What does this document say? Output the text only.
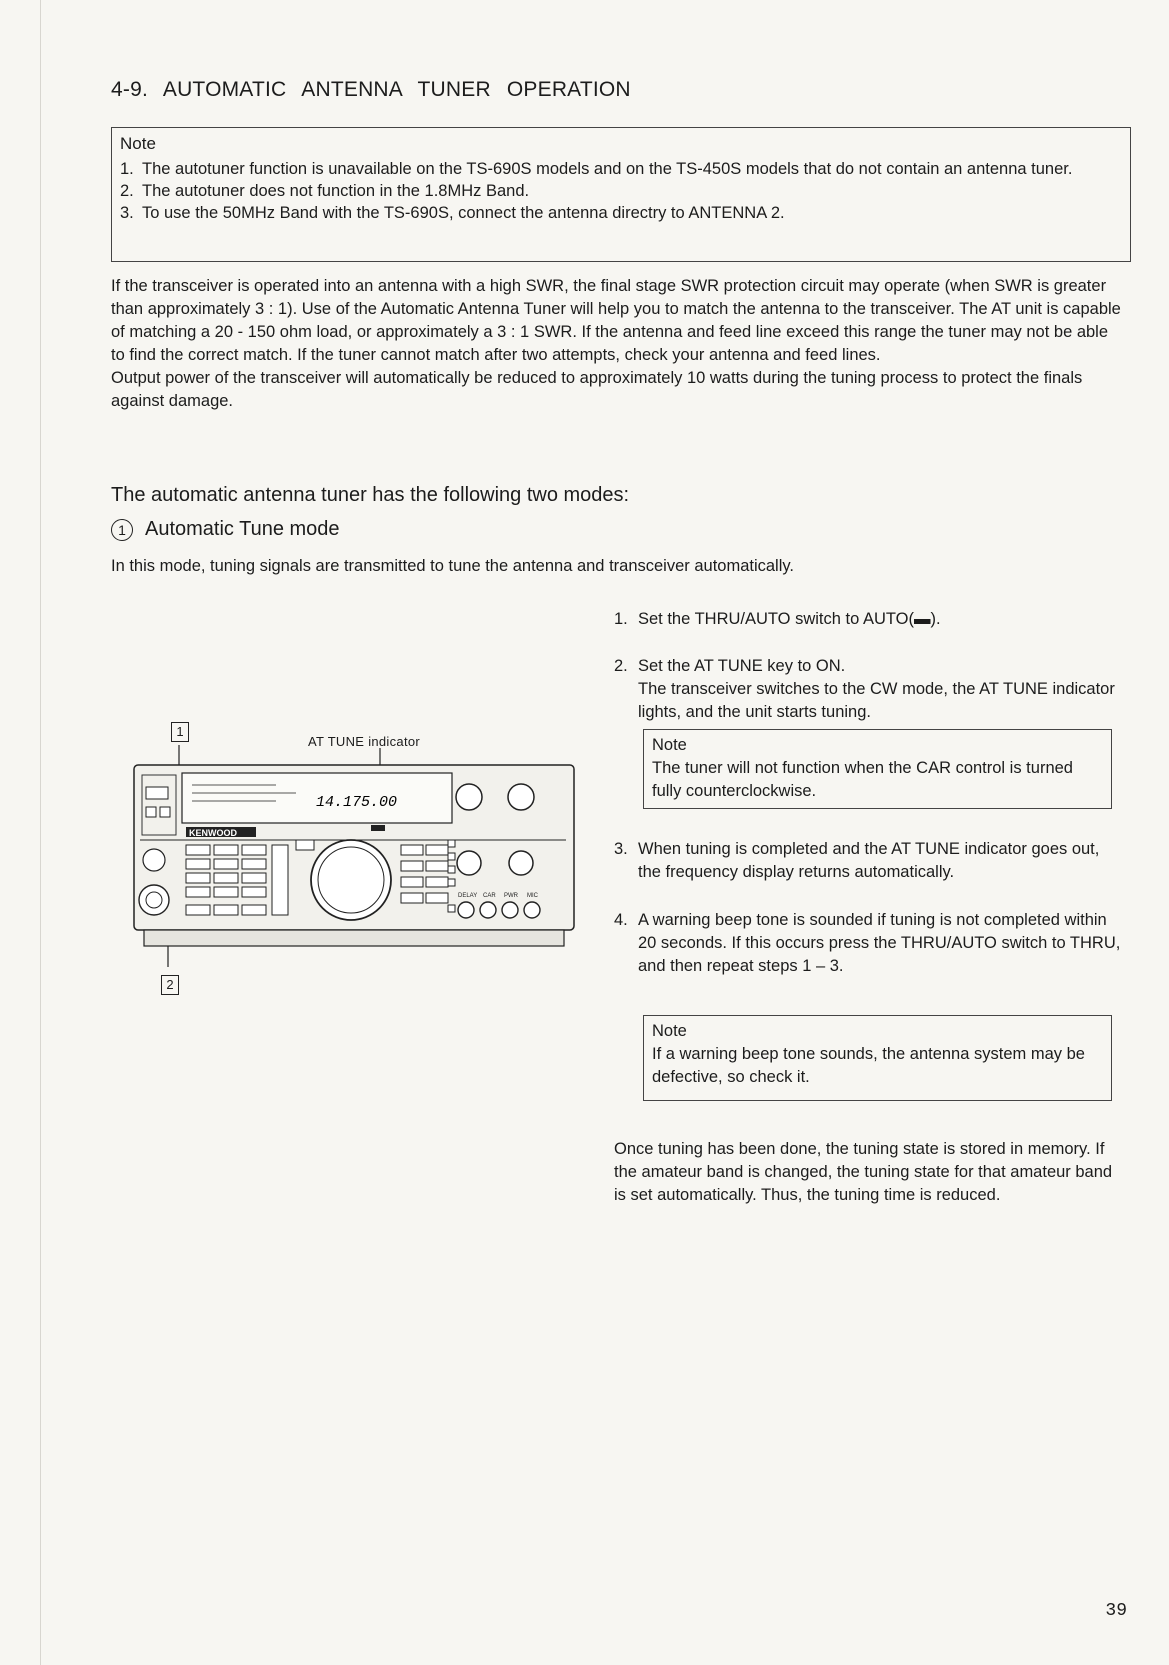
4-9. AUTOMATIC ANTENNA TUNER OPERATION
Note
1. The autotuner function is unavailable on the TS-690S models and on the TS-450S models that do not contain an antenna tuner.
2. The autotuner does not function in the 1.8MHz Band.
3. To use the 50MHz Band with the TS-690S, connect the antenna directry to ANTENNA 2.
If the transceiver is operated into an antenna with a high SWR, the final stage SWR protection circuit may operate (when SWR is greater than approximately 3 : 1). Use of the Automatic Antenna Tuner will help you to match the antenna to the transceiver. The AT unit is capable of matching a 20 - 150 ohm load, or approximately a 3 : 1 SWR. If the antenna and feed line exceed this range the tuner may not be able to find the correct match. If the tuner cannot match after two attempts, check your antenna and feed lines.
Output power of the transceiver will automatically be reduced to approximately 10 watts during the tuning process to protect the finals against damage.
The automatic antenna tuner has the following two modes:
1 Automatic Tune mode
In this mode, tuning signals are transmitted to tune the antenna and transceiver automatically.
1. Set the THRU/AUTO switch to AUTO(▬).
2. Set the AT TUNE key to ON.
The transceiver switches to the CW mode, the AT TUNE indicator lights, and the unit starts tuning.
Note
The tuner will not function when the CAR control is turned fully counterclockwise.
3. When tuning is completed and the AT TUNE indicator goes out, the frequency display returns automatically.
4. A warning beep tone is sounded if tuning is not completed within 20 seconds. If this occurs press the THRU/AUTO switch to THRU, and then repeat steps 1 – 3.
Note
If a warning beep tone sounds, the antenna system may be defective, so check it.
Once tuning has been done, the tuning state is stored in memory. If the amateur band is changed, the tuning state for that amateur band is set automatically. Thus, the tuning time is reduced.
1
2
AT TUNE indicator
14.175.00
KENWOOD
DELAY CAR PWR MIC
39
